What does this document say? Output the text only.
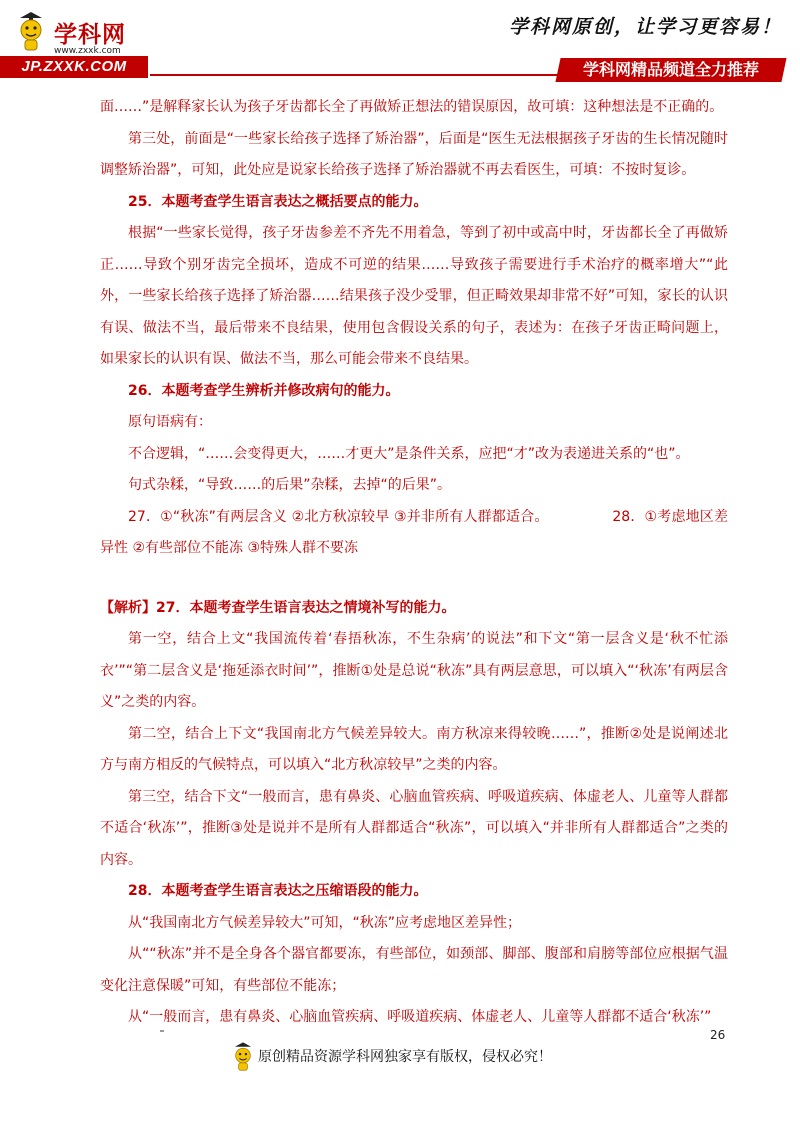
学科网
www.zxxk.com
JP.ZXXK.COM
学科网原创，让学习更容易！
学科网精品频道全力推荐

面……”是解释家长认为孩子牙齿都长全了再做矫正想法的错误原因，故可填：这种想法是不正确的。

第三处，前面是“一些家长给孩子选择了矫治器”，后面是“医生无法根据孩子牙齿的生长情况随时调整矫治器”，可知，此处应是说家长给孩子选择了矫治器就不再去看医生，可填：不按时复诊。

25．本题考查学生语言表达之概括要点的能力。

根据“一些家长觉得，孩子牙齿参差不齐先不用着急，等到了初中或高中时，牙齿都长全了再做矫正……导致个别牙齿完全损坏，造成不可逆的结果……导致孩子需要进行手术治疗的概率增大”“此外，一些家长给孩子选择了矫治器……结果孩子没少受罪，但正畸效果却非常不好”可知，家长的认识有误、做法不当，最后带来不良结果，使用包含假设关系的句子，表述为：在孩子牙齿正畸问题上，如果家长的认识有误、做法不当，那么可能会带来不良结果。

26．本题考查学生辨析并修改病句的能力。

原句语病有：

不合逻辑，“……会变得更大，……才更大”是条件关系，应把“才”改为表递进关系的“也”。

句式杂糅，“导致……的后果”杂糅，去掉“的后果”。

27．①“秋冻”有两层含义 ②北方秋凉较早 ③并非所有人群都适合。　　　　　28．①考虑地区差异性 ②有些部位不能冻 ③特殊人群不要冻

【解析】27．本题考查学生语言表达之情境补写的能力。

第一空，结合上文“我国流传着‘春捂秋冻，不生杂病’的说法”和下文“第一层含义是‘秋不忙添衣’”“第二层含义是‘拖延添衣时间’”，推断①处是总说“秋冻”具有两层意思，可以填入“‘秋冻’有两层含义”之类的内容。

第二空，结合上下文“我国南北方气候差异较大。南方秋凉来得较晚……”，推断②处是说阐述北方与南方相反的气候特点，可以填入“北方秋凉较早”之类的内容。

第三空，结合下文“一般而言，患有鼻炎、心脑血管疾病、呼吸道疾病、体虚老人、儿童等人群都不适合‘秋冻’”，推断③处是说并不是所有人群都适合“秋冻”，可以填入“并非所有人群都适合”之类的内容。

28．本题考查学生语言表达之压缩语段的能力。

从“我国南北方气候差异较大”可知，“秋冻”应考虑地区差异性；

从““秋冻”并不是全身各个器官都要冻，有些部位，如颈部、脚部、腹部和肩膀等部位应根据气温变化注意保暖”可知，有些部位不能冻；

从“一般而言，患有鼻炎、心脑血管疾病、呼吸道疾病、体虚老人、儿童等人群都不适合‘秋冻’”

26
原创精品资源学科网独家享有版权，侵权必究！
